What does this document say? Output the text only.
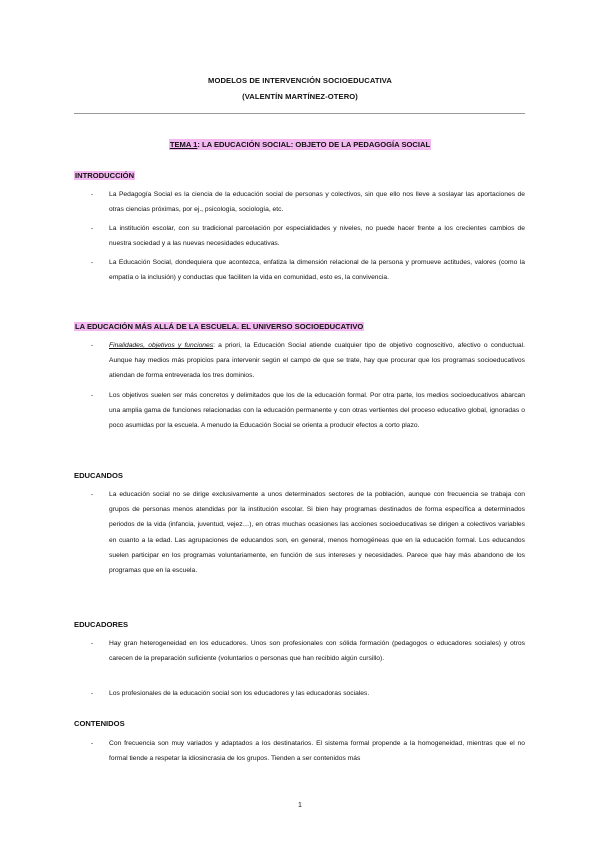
MODELOS DE INTERVENCIÓN SOCIOEDUCATIVA
(VALENTÍN MARTÍNEZ-OTERO)
TEMA 1: LA EDUCACIÓN SOCIAL: OBJETO DE LA PEDAGOGÍA SOCIAL
INTRODUCCIÓN
- La Pedagogía Social es la ciencia de la educación social de personas y colectivos, sin que ello nos lleve a soslayar las aportaciones de otras ciencias próximas, por ej., psicología, sociología, etc.
- La institución escolar, con su tradicional parcelación por especialidades y niveles, no puede hacer frente a los crecientes cambios de nuestra sociedad y a las nuevas necesidades educativas.
- La Educación Social, dondequiera que acontezca, enfatiza la dimensión relacional de la persona y promueve actitudes, valores (como la empatía o la inclusión) y conductas que faciliten la vida en comunidad, esto es, la convivencia.
LA EDUCACIÓN MÁS ALLÁ DE LA ESCUELA. EL UNIVERSO SOCIOEDUCATIVO
- Finalidades, objetivos y funciones: a priori, la Educación Social atiende cualquier tipo de objetivo cognoscitivo, afectivo o conductual. Aunque hay medios más propicios para intervenir según el campo de que se trate, hay que procurar que los programas socioeducativos atiendan de forma entreverada los tres dominios.
- Los objetivos suelen ser más concretos y delimitados que los de la educación formal. Por otra parte, los medios socioeducativos abarcan una amplia gama de funciones relacionadas con la educación permanente y con otras vertientes del proceso educativo global, ignoradas o poco asumidas por la escuela. A menudo la Educación Social se orienta a producir efectos a corto plazo.
EDUCANDOS
- La educación social no se dirige exclusivamente a unos determinados sectores de la población, aunque con frecuencia se trabaja con grupos de personas menos atendidas por la institución escolar. Si bien hay programas destinados de forma específica a determinados periodos de la vida (infancia, juventud, vejez…), en otras muchas ocasiones las acciones socioeducativas se dirigen a colectivos variables en cuanto a la edad. Las agrupaciones de educandos son, en general, menos homogéneas que en la educación formal. Los educandos suelen participar en los programas voluntariamente, en función de sus intereses y necesidades. Parece que hay más abandono de los programas que en la escuela.
EDUCADORES
- Hay gran heterogeneidad en los educadores. Unos son profesionales con sólida formación (pedagogos o educadores sociales) y otros carecen de la preparación suficiente (voluntarios o personas que han recibido algún cursillo).
- Los profesionales de la educación social son los educadores y las educadoras sociales.
CONTENIDOS
- Con frecuencia son muy variados y adaptados a los destinatarios. El sistema formal propende a la homogeneidad, mientras que el no formal tiende a respetar la idiosincrasia de los grupos. Tienden a ser contenidos más
1
